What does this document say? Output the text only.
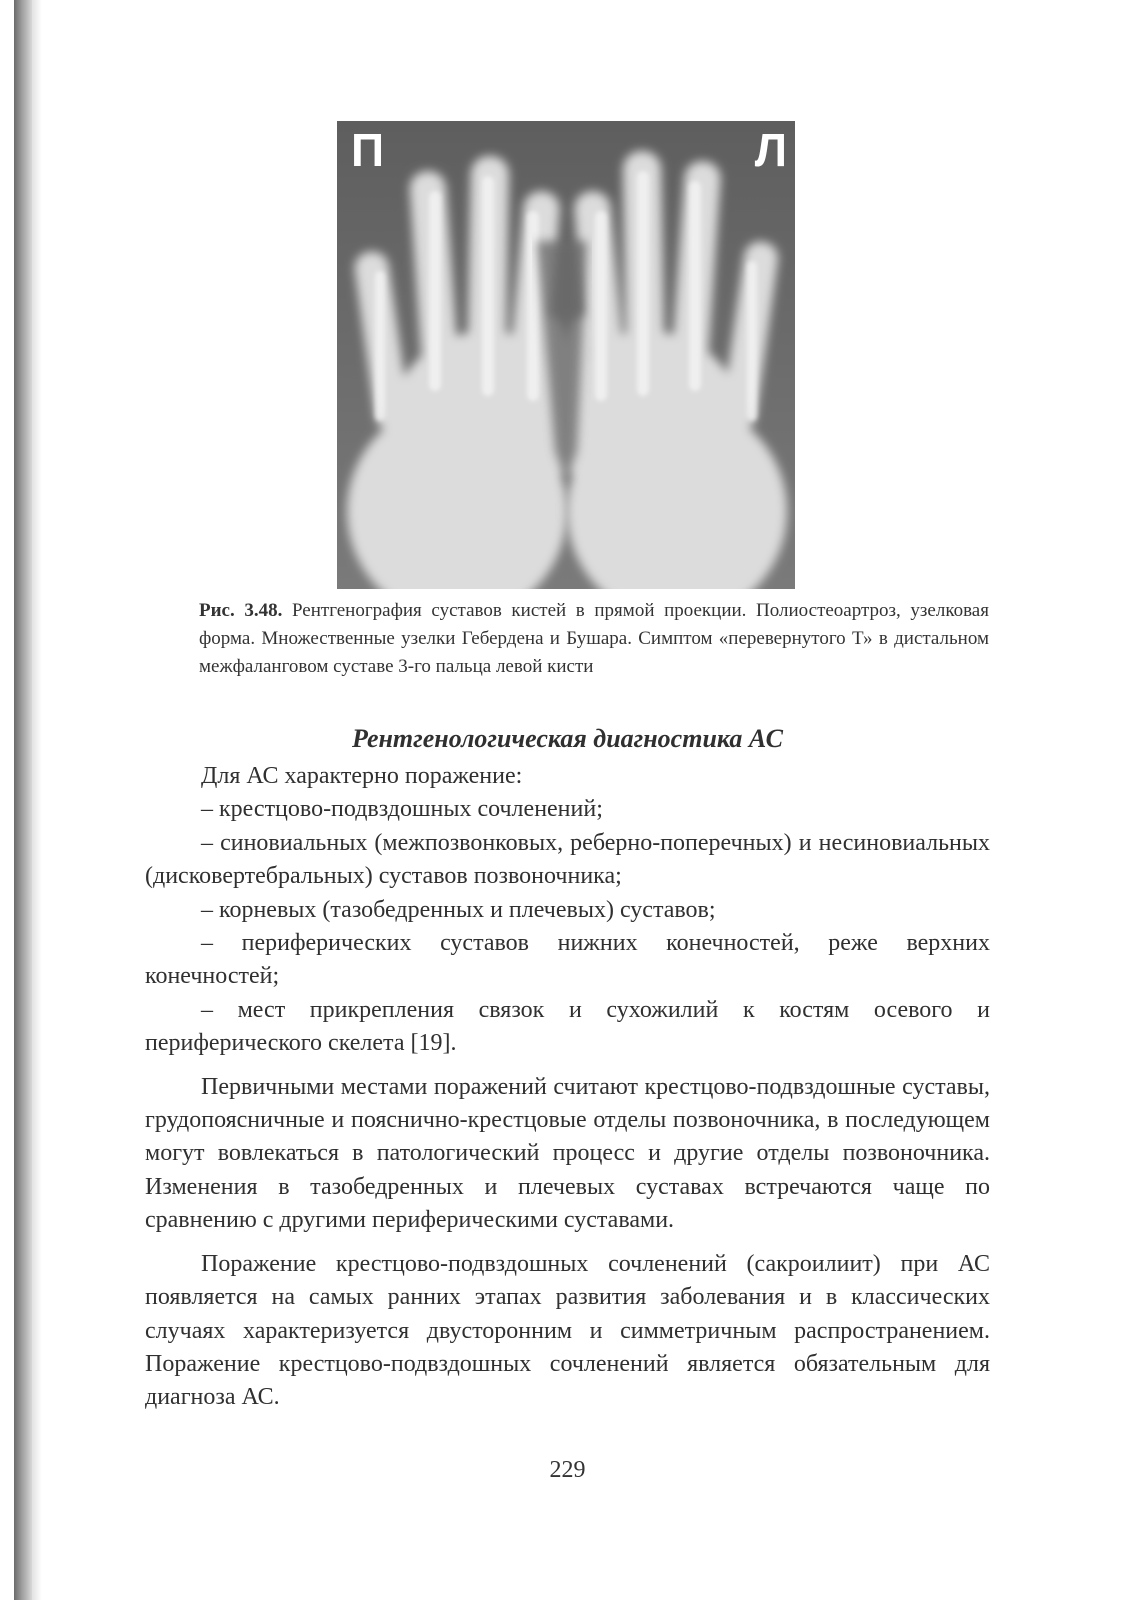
П	Л
Рис. 3.48. Рентгенография суставов кистей в прямой проекции. Полиостеоартроз, узелковая форма. Множественные узелки Гебердена и Бушара. Симптом «перевернутого Т» в дистальном межфаланговом суставе 3-го пальца левой кисти
Рентгенологическая диагностика АС

Для АС характерно поражение:

– крестцово-подвздошных сочленений;

– синовиальных (межпозвонковых, реберно-поперечных) и несиновиальных (дисковертебральных) суставов позвоночника;

– корневых (тазобедренных и плечевых) суставов;

– периферических суставов нижних конечностей, реже верхних конечностей;

– мест прикрепления связок и сухожилий к костям осевого и периферического скелета [19].

Первичными местами поражений считают крестцово-подвздошные суставы, грудопоясничные и пояснично-крестцовые отделы позвоночника, в последующем могут вовлекаться в патологический процесс и другие отделы позвоночника. Изменения в тазобедренных и плечевых суставах встречаются чаще по сравнению с другими периферическими суставами.

Поражение крестцово-подвздошных сочленений (сакроилиит) при АС появляется на самых ранних этапах развития заболевания и в классических случаях характеризуется двусторонним и симметричным распространением. Поражение крестцово-подвздошных сочленений является обязательным для диагноза АС.

229
